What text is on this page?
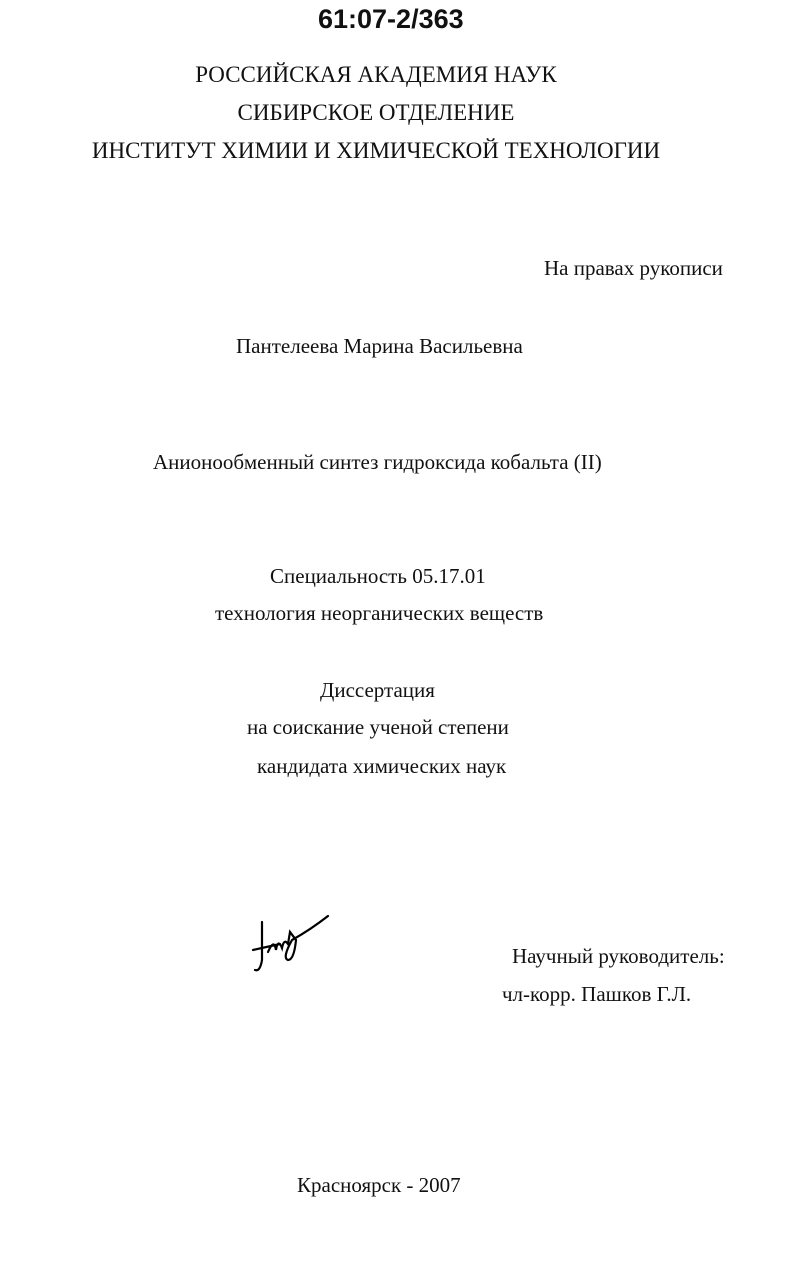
61:07-2/363
РОССИЙСКАЯ АКАДЕМИЯ НАУК
СИБИРСКОЕ ОТДЕЛЕНИЕ
ИНСТИТУТ ХИМИИ И ХИМИЧЕСКОЙ ТЕХНОЛОГИИ
На правах рукописи
Пантелеева Марина Васильевна
Анионообменный синтез гидроксида кобальта (II)
Специальность 05.17.01
технология неорганических веществ
Диссертация
на соискание ученой степени
кандидата химических наук
Научный руководитель:
чл-корр. Пашков Г.Л.
Красноярск - 2007
